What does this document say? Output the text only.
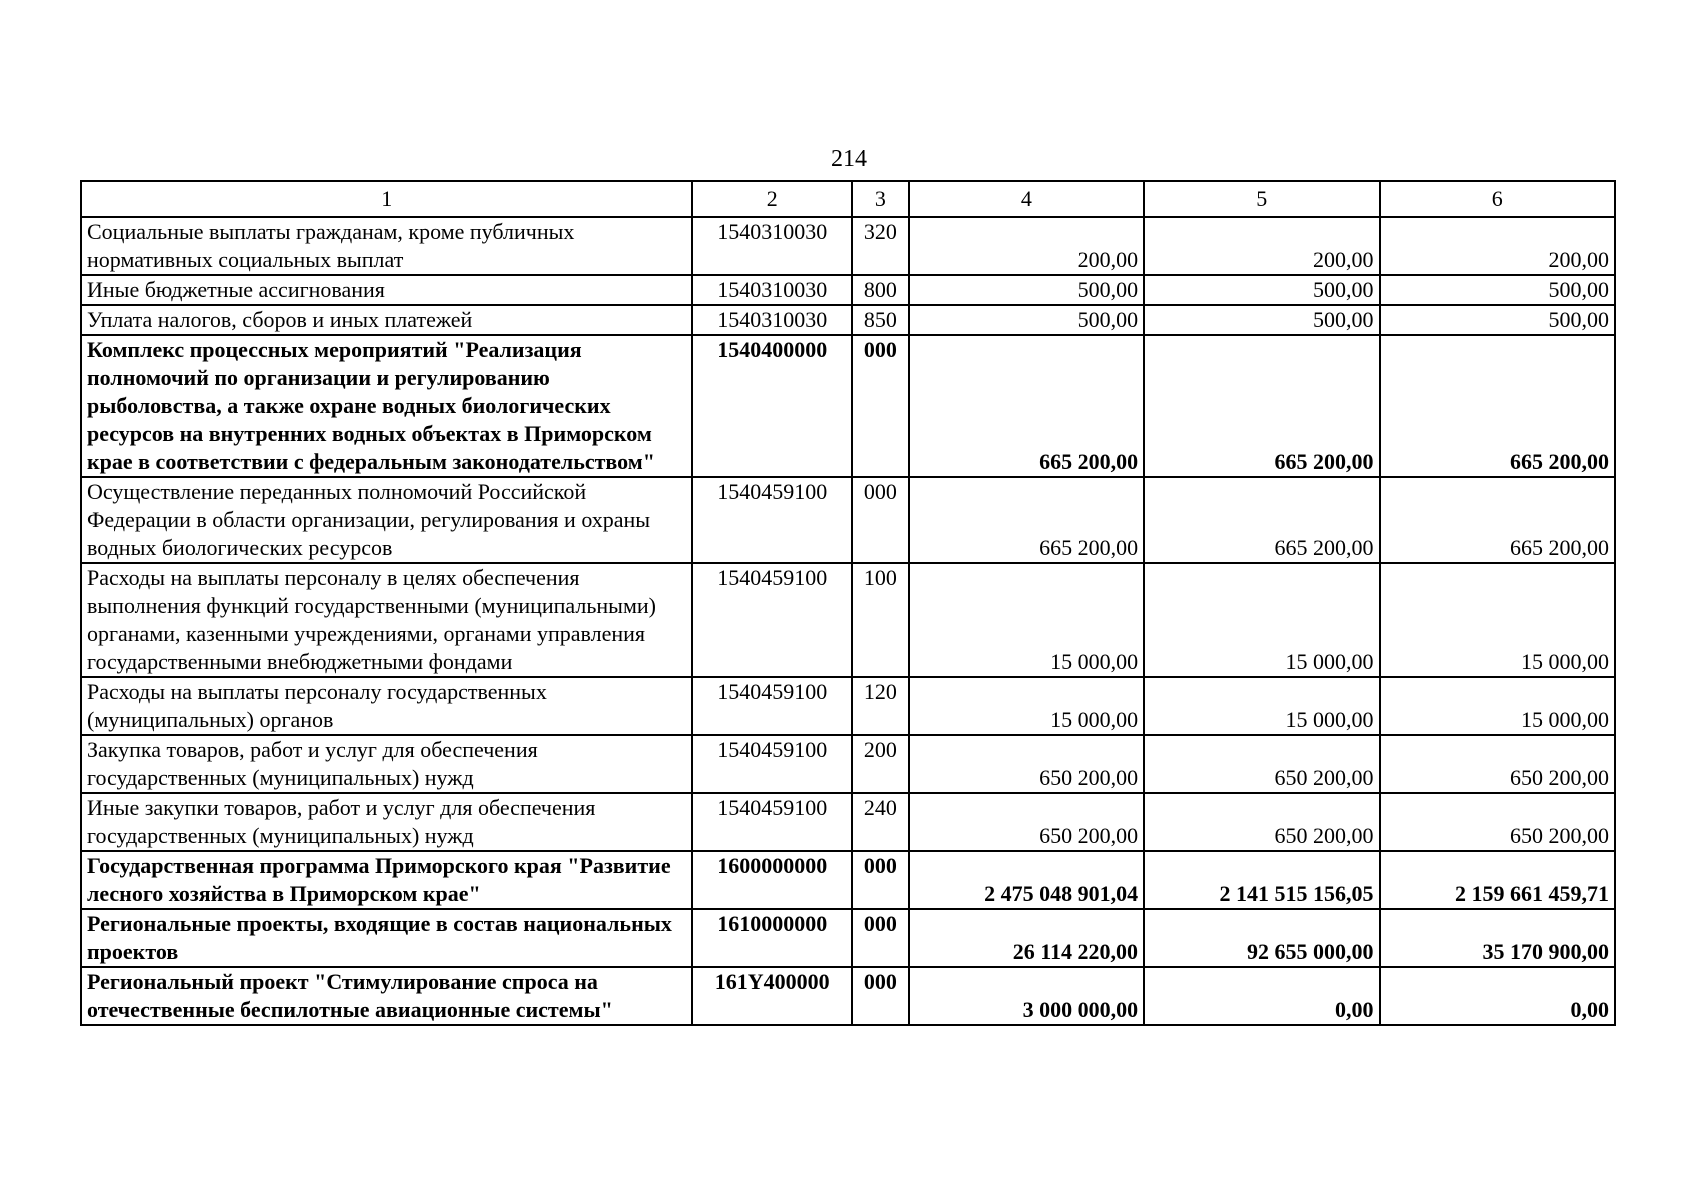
214
1	2	3	4	5	6
Социальные выплаты гражданам, кроме публичных нормативных социальных выплат	1540310030	320	200,00	200,00	200,00
Иные бюджетные ассигнования	1540310030	800	500,00	500,00	500,00
Уплата налогов, сборов и иных платежей	1540310030	850	500,00	500,00	500,00
Комплекс процессных мероприятий "Реализация полномочий по организации и регулированию рыболовства, а также охране водных биологических ресурсов на внутренних водных объектах в Приморском крае в соответствии с федеральным законодательством"	1540400000	000	665 200,00	665 200,00	665 200,00
Осуществление переданных полномочий Российской Федерации в области организации, регулирования и охраны водных биологических ресурсов	1540459100	000	665 200,00	665 200,00	665 200,00
Расходы на выплаты персоналу в целях обеспечения выполнения функций государственными (муниципальными) органами, казенными учреждениями, органами управления государственными внебюджетными фондами	1540459100	100	15 000,00	15 000,00	15 000,00
Расходы на выплаты персоналу государственных (муниципальных) органов	1540459100	120	15 000,00	15 000,00	15 000,00
Закупка товаров, работ и услуг для обеспечения государственных (муниципальных) нужд	1540459100	200	650 200,00	650 200,00	650 200,00
Иные закупки товаров, работ и услуг для обеспечения государственных (муниципальных) нужд	1540459100	240	650 200,00	650 200,00	650 200,00
Государственная программа Приморского края "Развитие лесного хозяйства в Приморском крае"	1600000000	000	2 475 048 901,04	2 141 515 156,05	2 159 661 459,71
Региональные проекты, входящие в состав национальных проектов	1610000000	000	26 114 220,00	92 655 000,00	35 170 900,00
Региональный проект "Стимулирование спроса на отечественные беспилотные авиационные системы"	161Y400000	000	3 000 000,00	0,00	0,00
